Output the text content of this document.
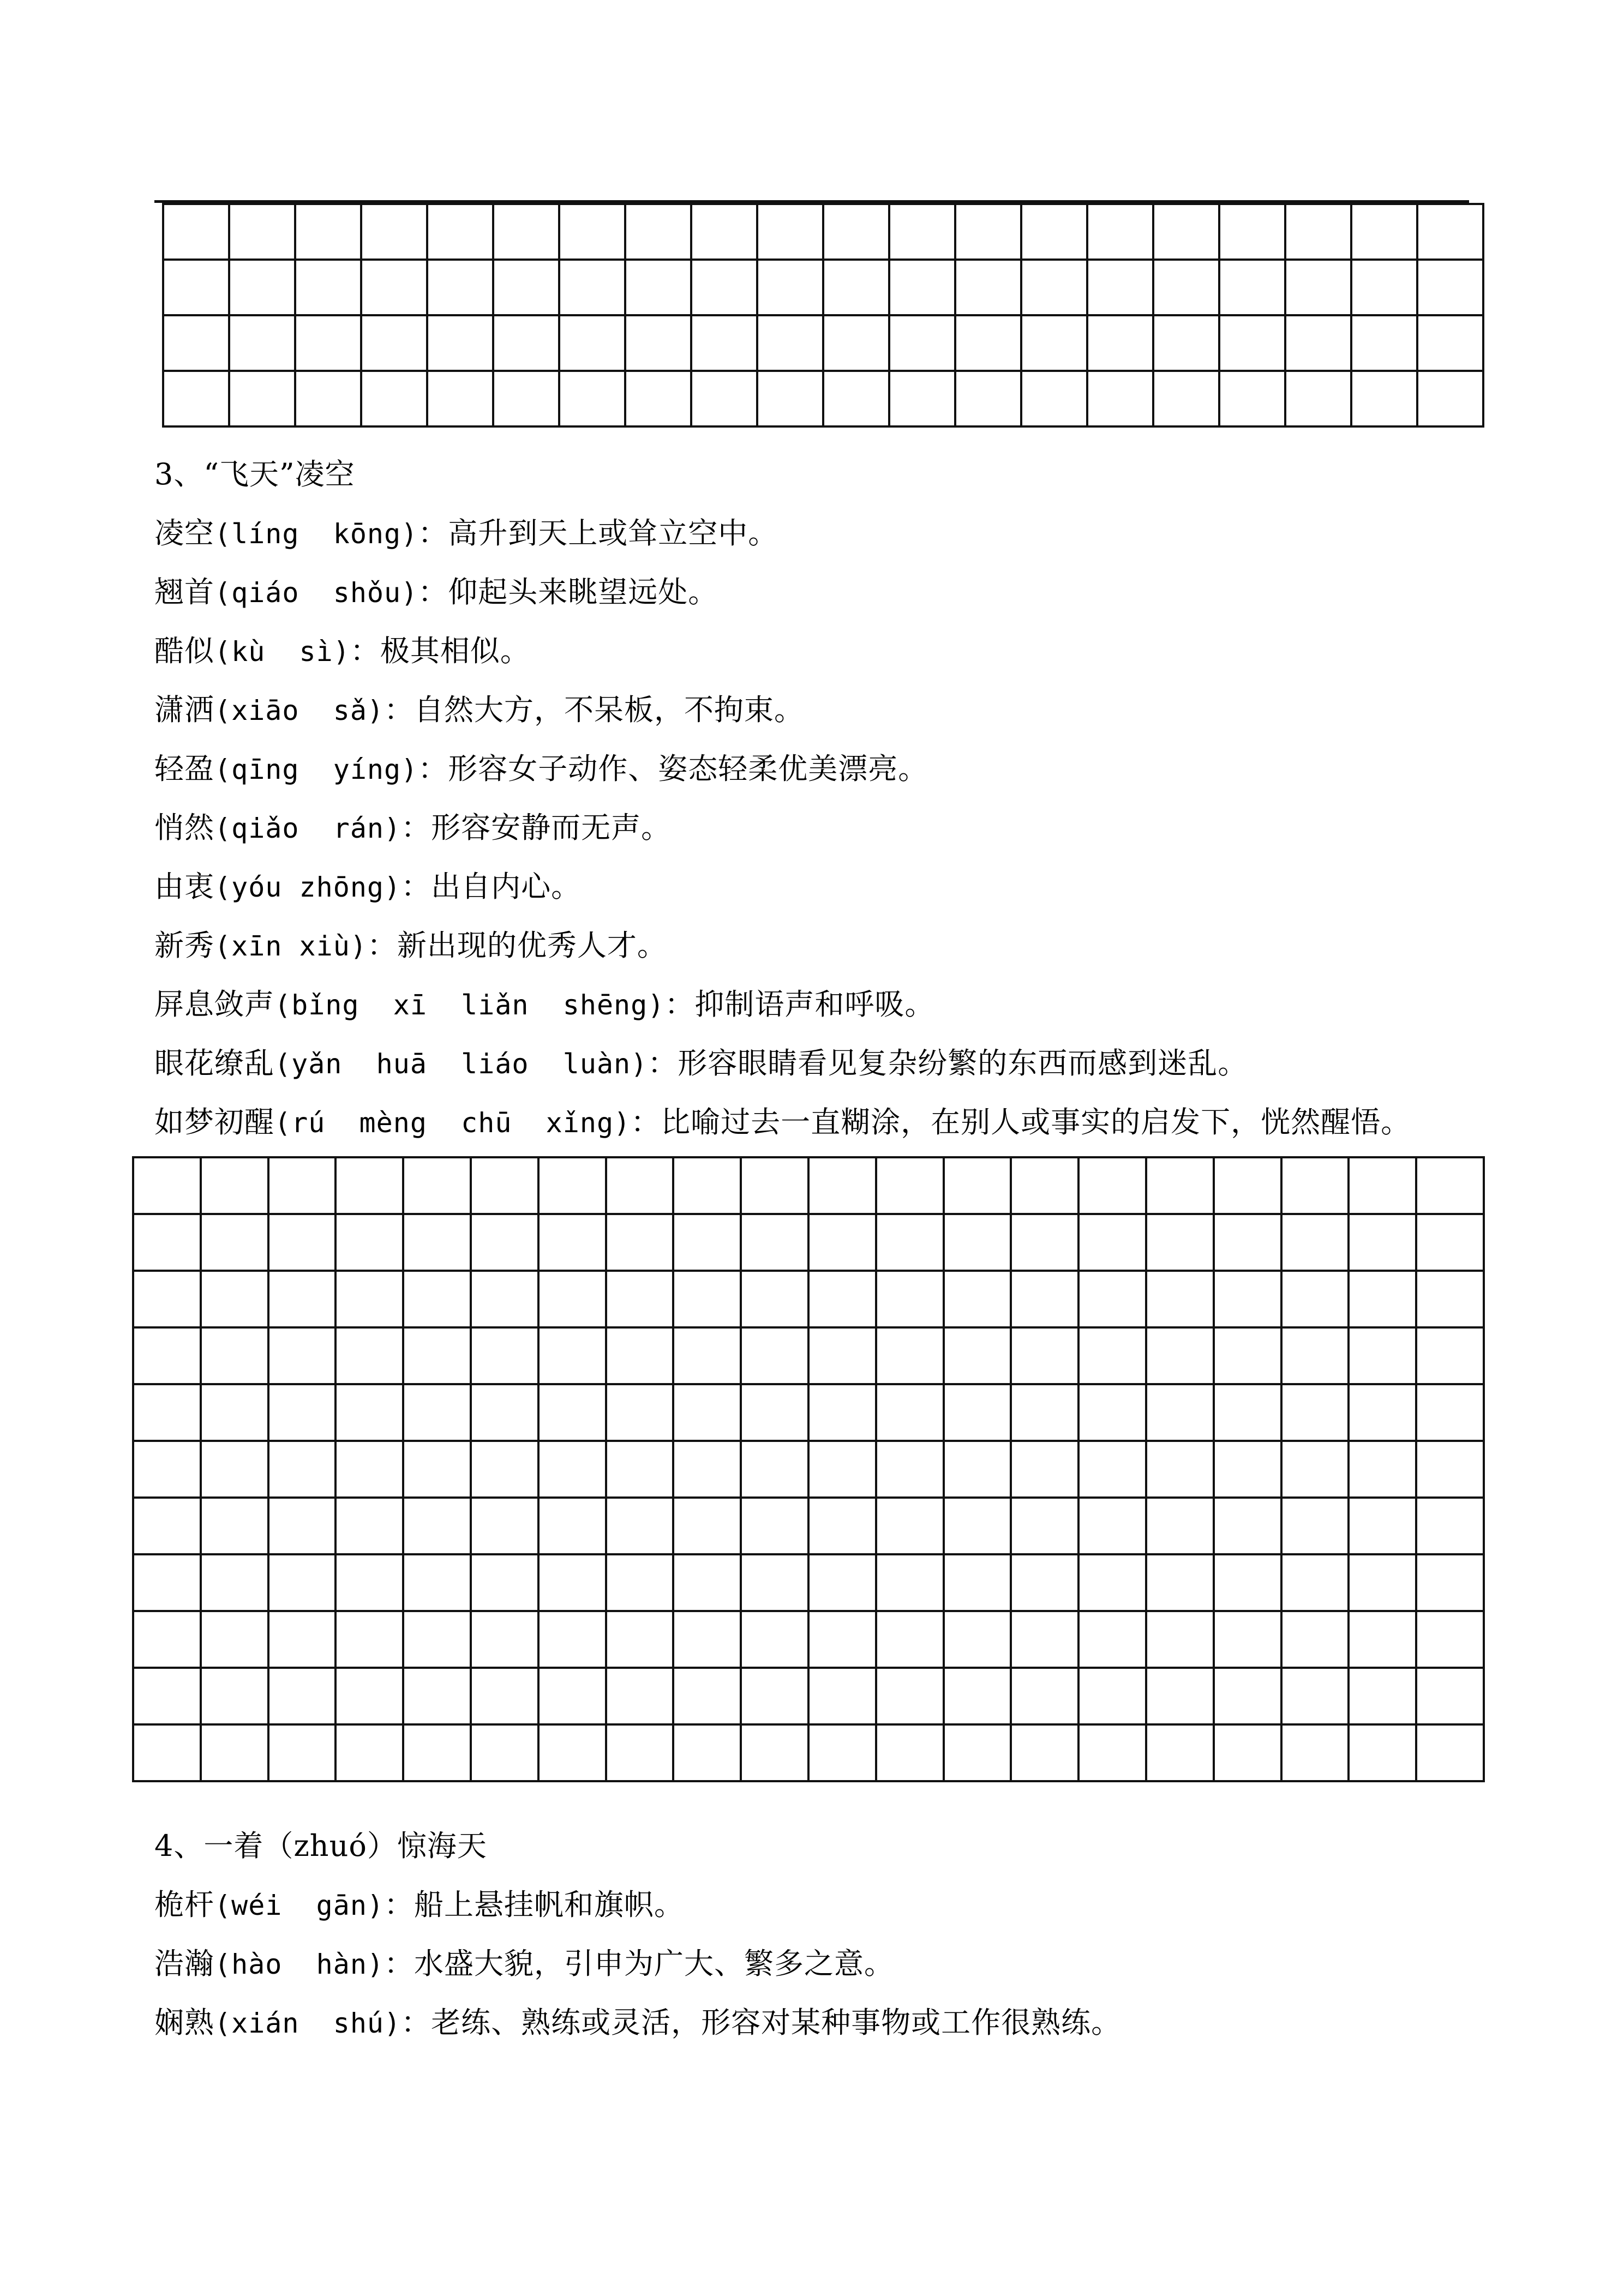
3、“飞天”凌空
凌空(líng  kōng)：高升到天上或耸立空中。
翘首(qiáo  shǒu)：仰起头来眺望远处。
酷似(kù  sì)：极其相似。
潇洒(xiāo  sǎ)：自然大方，不呆板，不拘束。
轻盈(qīng  yíng)：形容女子动作、姿态轻柔优美漂亮。
悄然(qiǎo  rán)：形容安静而无声。
由衷(yóu zhōng)：出自内心。
新秀(xīn xiù)：新出现的优秀人才。
屏息敛声(bǐng  xī  liǎn  shēng)：抑制语声和呼吸。
眼花缭乱(yǎn  huā  liáo  luàn)：形容眼睛看见复杂纷繁的东西而感到迷乱。
如梦初醒(rú  mèng  chū  xǐng)：比喻过去一直糊涂，在别人或事实的启发下，恍然醒悟。

4、一着（zhuó）惊海天
桅杆(wéi  gān)：船上悬挂帆和旗帜。
浩瀚(hào  hàn)：水盛大貌，引申为广大、繁多之意。
娴熟(xián  shú)：老练、熟练或灵活，形容对某种事物或工作很熟练。
